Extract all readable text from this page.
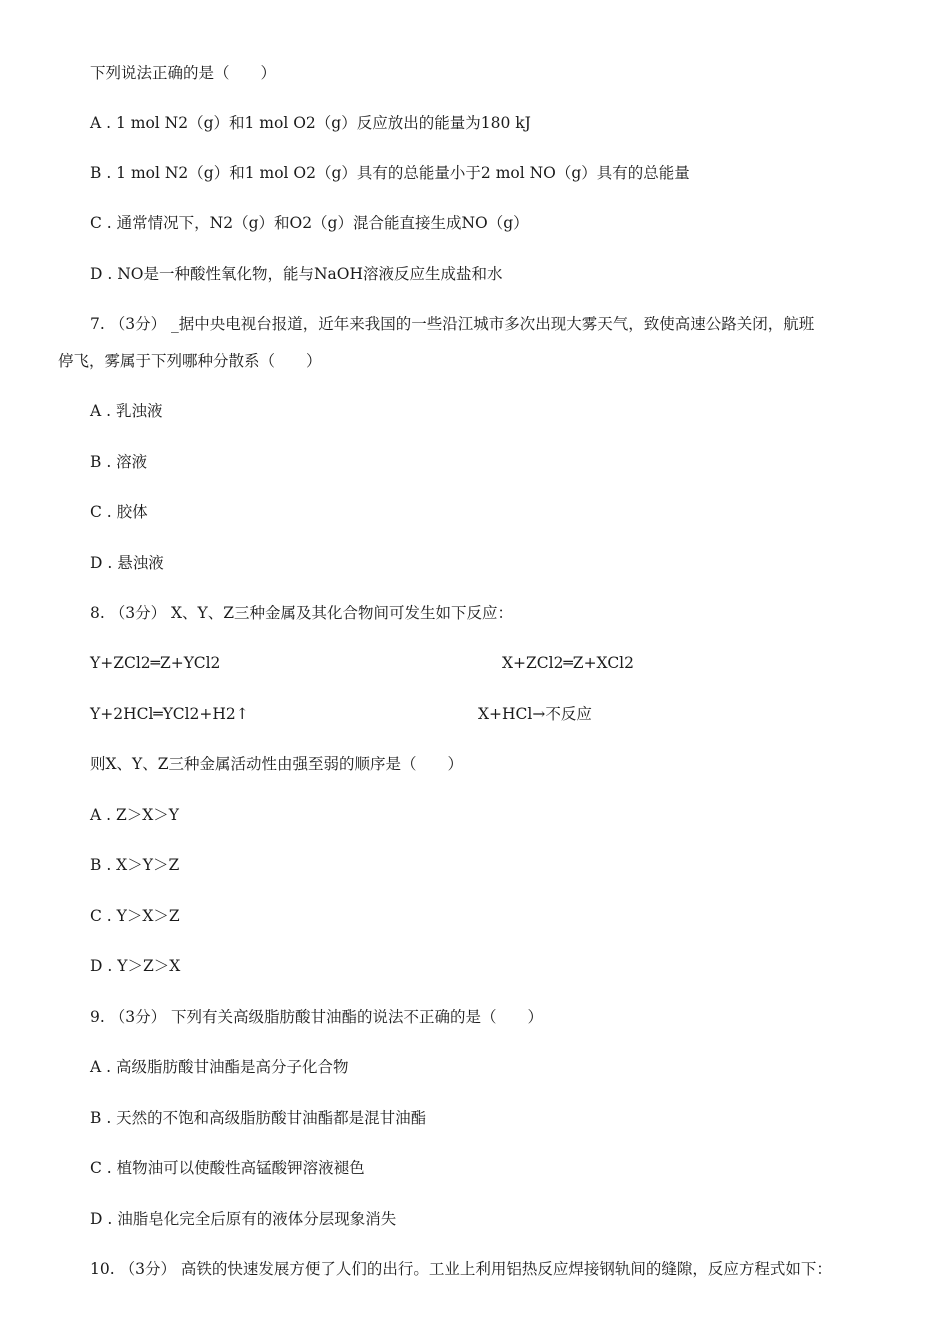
下列说法正确的是（　　）
A . 1 mol N2（g）和1 mol O2（g）反应放出的能量为180 kJ
B . 1 mol N2（g）和1 mol O2（g）具有的总能量小于2 mol NO（g）具有的总能量
C . 通常情况下，N2（g）和O2（g）混合能直接生成NO（g）
D . NO是一种酸性氧化物，能与NaOH溶液反应生成盐和水
7. （3分） _据中央电视台报道，近年来我国的一些沿江城市多次出现大雾天气，致使高速公路关闭，航班
停飞，雾属于下列哪种分散系（　　）
A . 乳浊液
B . 溶液
C . 胶体
D . 悬浊液
8. （3分） X、Y、Z三种金属及其化合物间可发生如下反应：
Y+ZCl2═Z+YCl2	X+ZCl2═Z+XCl2
Y+2HCl═YCl2+H2↑	X+HCl→不反应
则X、Y、Z三种金属活动性由强至弱的顺序是（　　）
A . Z＞X＞Y
B . X＞Y＞Z
C . Y＞X＞Z
D . Y＞Z＞X
9. （3分） 下列有关高级脂肪酸甘油酯的说法不正确的是（　　）
A . 高级脂肪酸甘油酯是高分子化合物
B . 天然的不饱和高级脂肪酸甘油酯都是混甘油酯
C . 植物油可以使酸性高锰酸钾溶液褪色
D . 油脂皂化完全后原有的液体分层现象消失
10. （3分） 高铁的快速发展方便了人们的出行。工业上利用铝热反应焊接钢轨间的缝隙，反应方程式如下：
